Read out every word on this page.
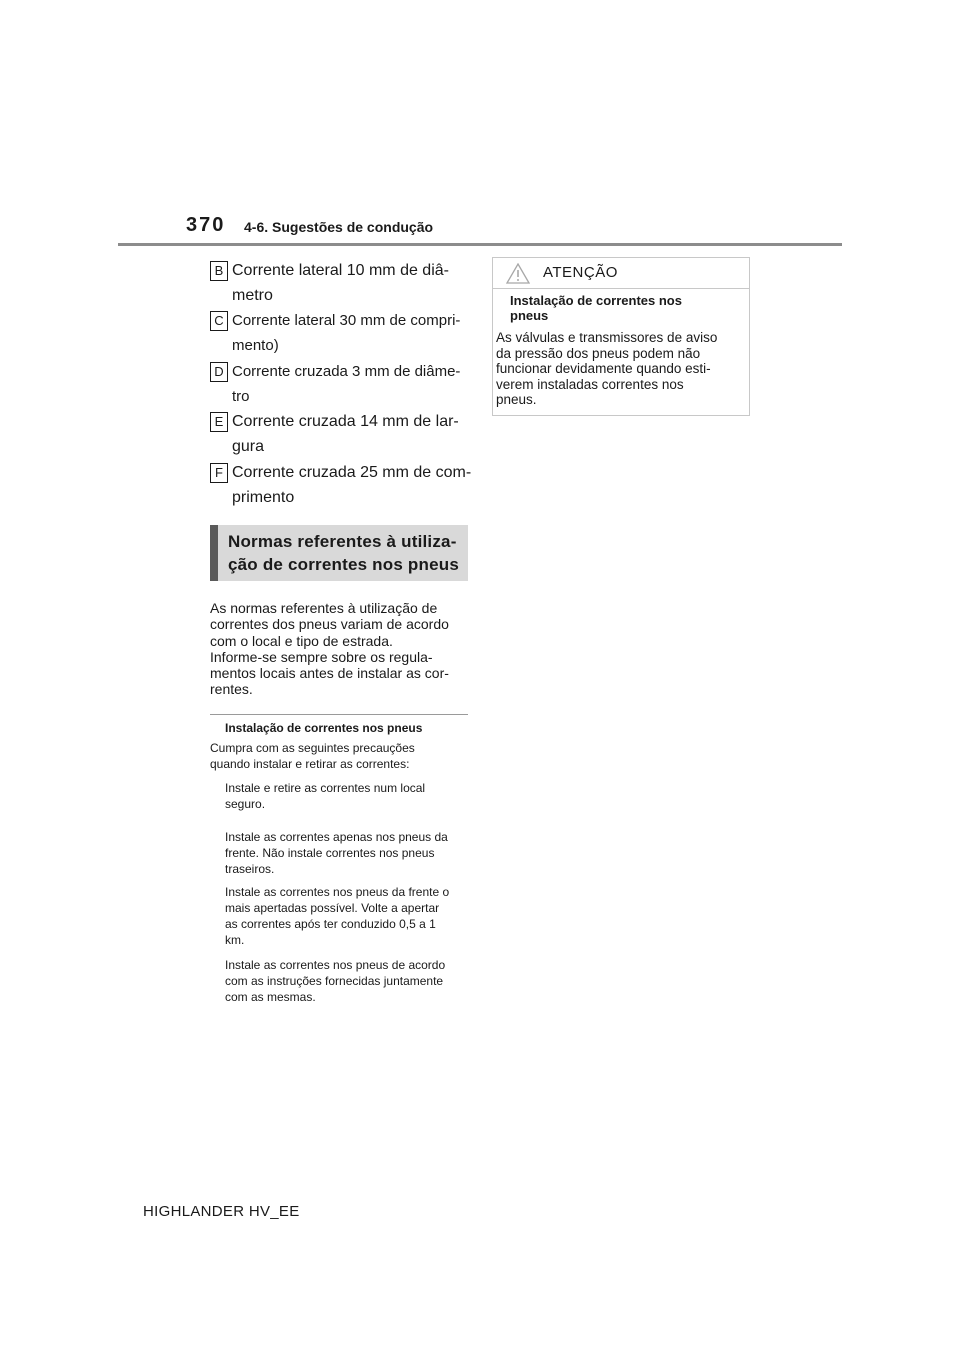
370 4-6. Sugestões de condução
B Corrente lateral 10 mm de diâ-
metro
C Corrente lateral 30 mm de compri-
mento)
D Corrente cruzada 3 mm de diâme-
tro
E Corrente cruzada 14 mm de lar-
gura
F Corrente cruzada 25 mm de com-
primento
Normas referentes à utiliza-
ção de correntes nos pneus
As normas referentes à utilização de
correntes dos pneus variam de acordo
com o local e tipo de estrada.
Informe-se sempre sobre os regula-
mentos locais antes de instalar as cor-
rentes.
Instalação de correntes nos pneus
Cumpra com as seguintes precauções
quando instalar e retirar as correntes:
Instale e retire as correntes num local
seguro.
Instale as correntes apenas nos pneus da
frente. Não instale correntes nos pneus
traseiros.
Instale as correntes nos pneus da frente o
mais apertadas possível. Volte a apertar
as correntes após ter conduzido 0,5 a 1
km.
Instale as correntes nos pneus de acordo
com as instruções fornecidas juntamente
com as mesmas.
ATENÇÃO
Instalação de correntes nos
pneus
As válvulas e transmissores de aviso
da pressão dos pneus podem não
funcionar devidamente quando esti-
verem instaladas correntes nos
pneus.
HIGHLANDER HV_EE
